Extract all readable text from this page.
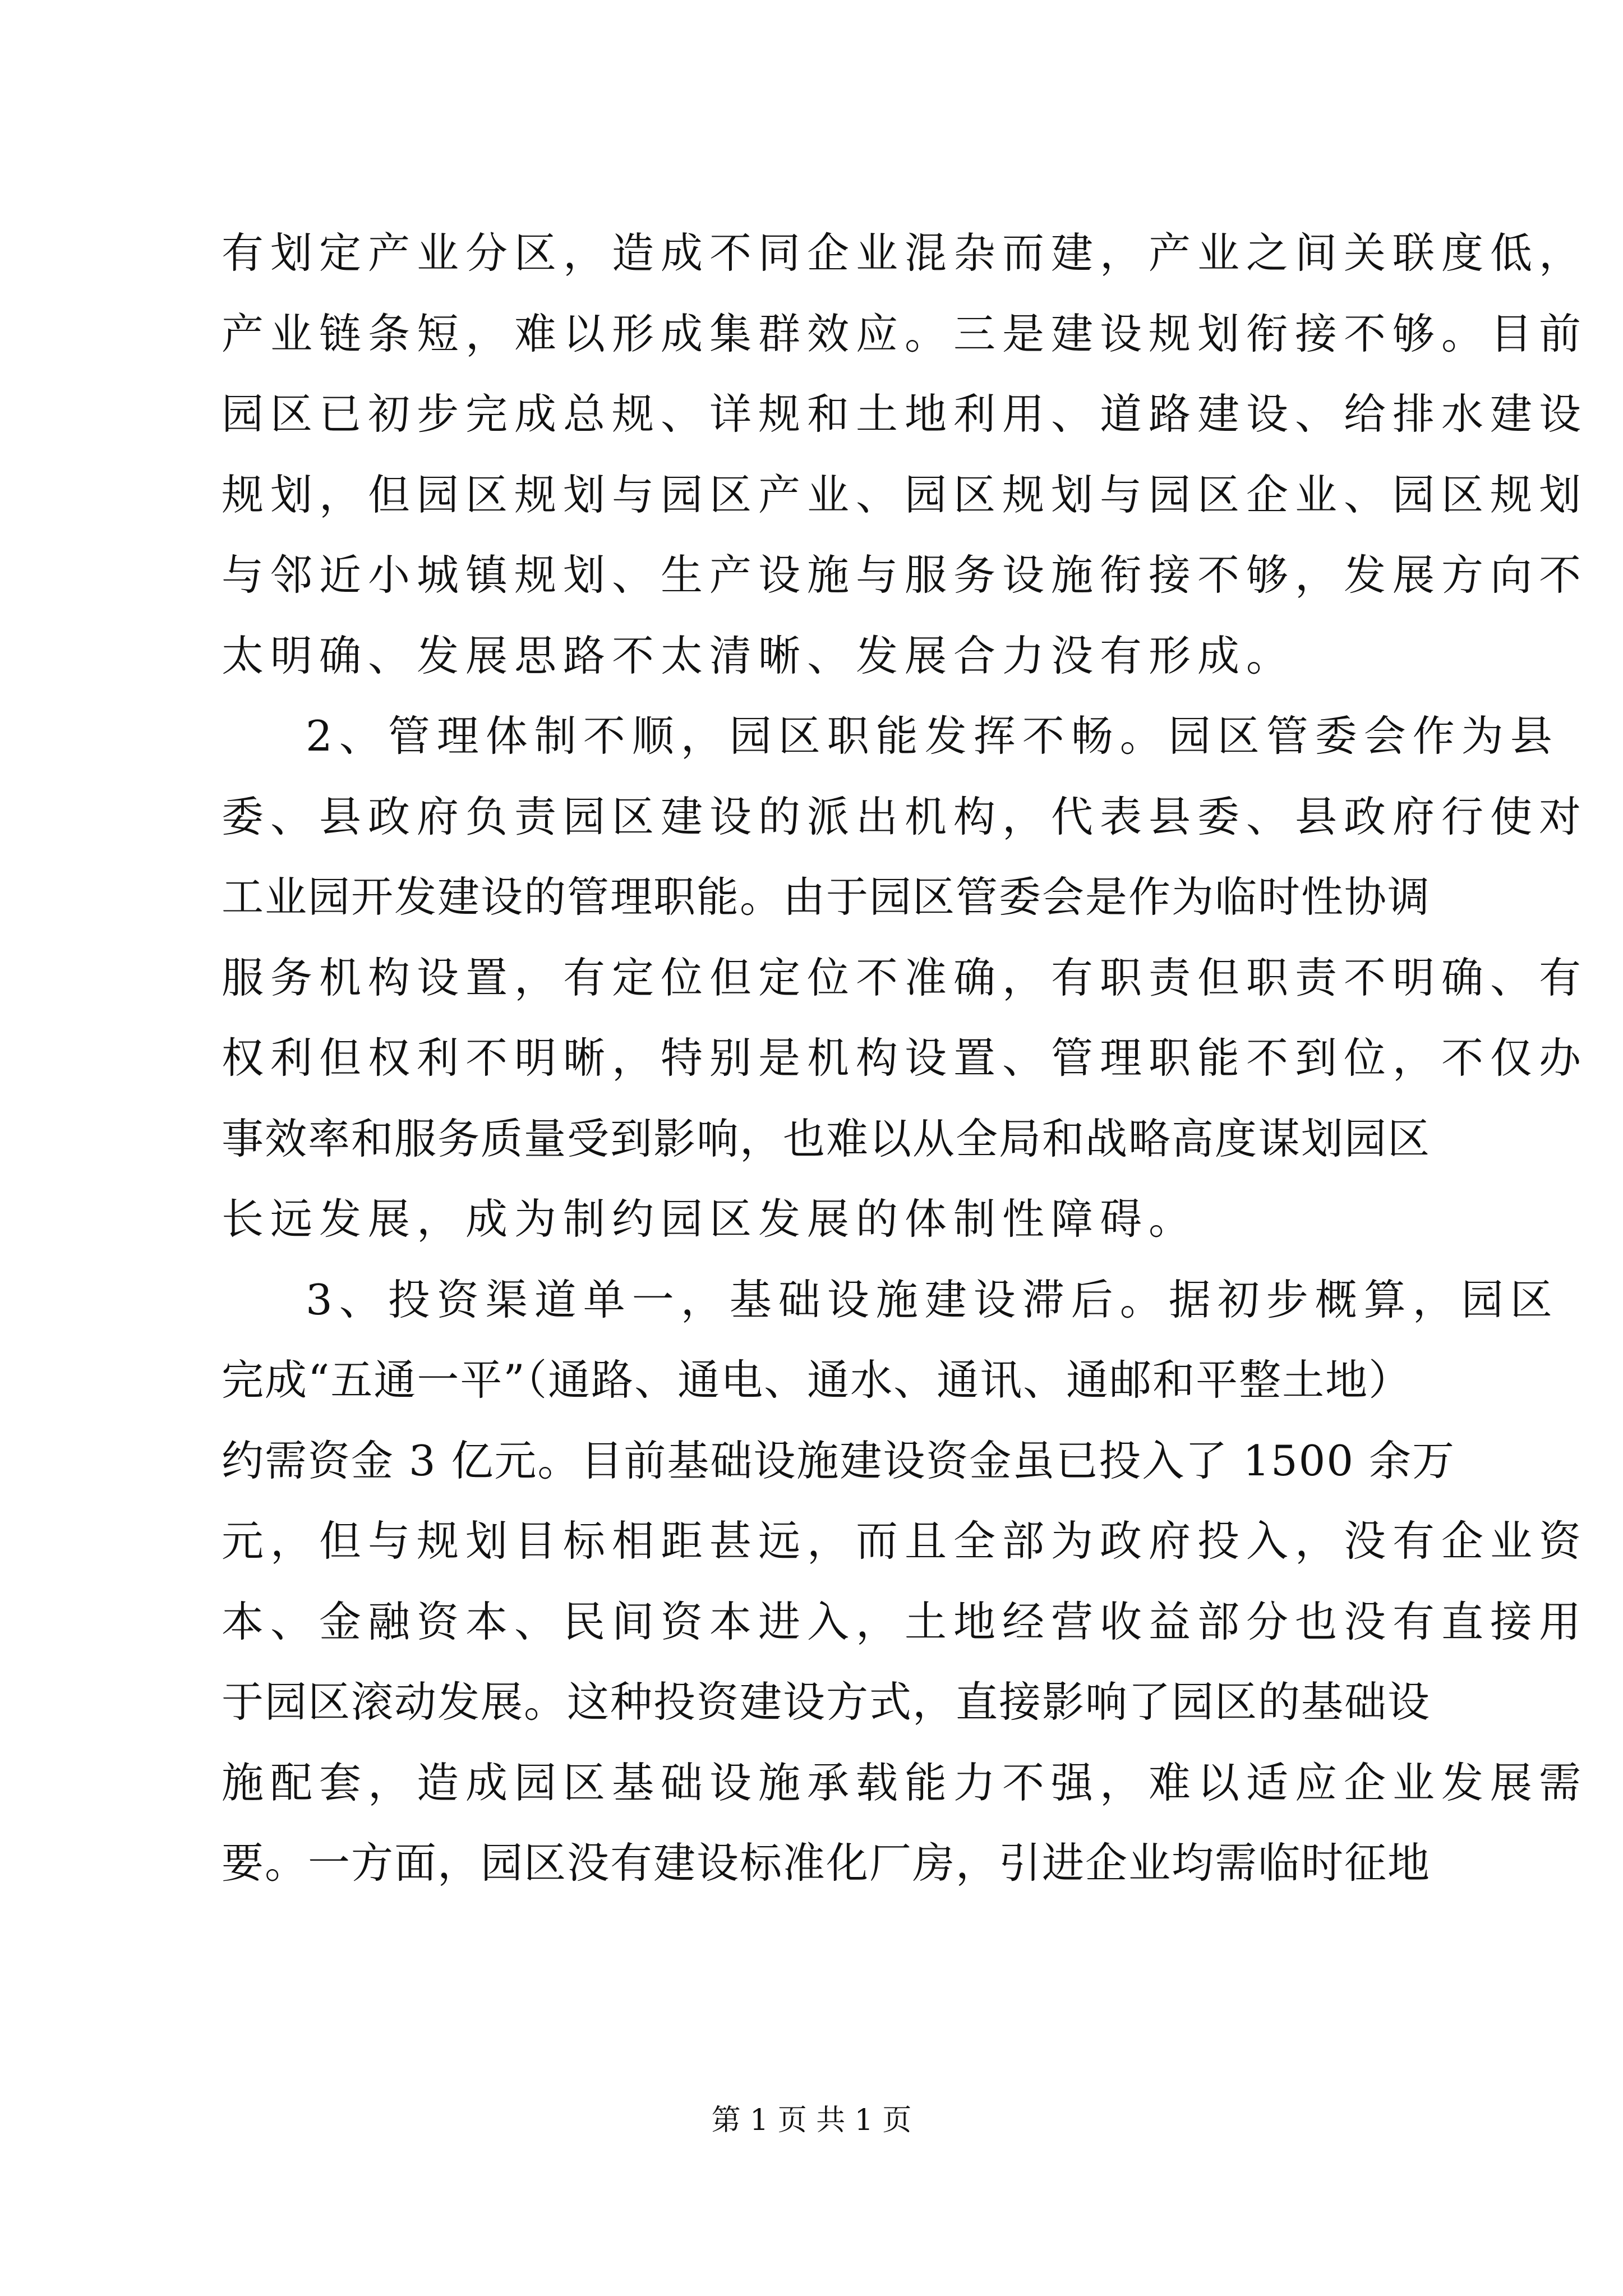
有划定产业分区，造成不同企业混杂而建，产业之间关联度低，
产业链条短，难以形成集群效应。三是建设规划衔接不够。目前
园区已初步完成总规、详规和土地利用、道路建设、给排水建设
规划，但园区规划与园区产业、园区规划与园区企业、园区规划
与邻近小城镇规划、生产设施与服务设施衔接不够，发展方向不
太明确、发展思路不太清晰、发展合力没有形成。
2、管理体制不顺，园区职能发挥不畅。园区管委会作为县
委、县政府负责园区建设的派出机构，代表县委、县政府行使对
工业园开发建设的管理职能。由于园区管委会是作为临时性协调
服务机构设置，有定位但定位不准确，有职责但职责不明确、有
权利但权利不明晰，特别是机构设置、管理职能不到位，不仅办
事效率和服务质量受到影响，也难以从全局和战略高度谋划园区
长远发展，成为制约园区发展的体制性障碍。
3、投资渠道单一，基础设施建设滞后。据初步概算，园区
完成“五通一平”（通路、通电、通水、通讯、通邮和平整土地）
约需资金 3 亿元。目前基础设施建设资金虽已投入了 1500 余万
元，但与规划目标相距甚远，而且全部为政府投入，没有企业资
本、金融资本、民间资本进入，土地经营收益部分也没有直接用
于园区滚动发展。这种投资建设方式，直接影响了园区的基础设
施配套，造成园区基础设施承载能力不强，难以适应企业发展需
要。一方面，园区没有建设标准化厂房，引进企业均需临时征地
第 1 页 共 1 页
